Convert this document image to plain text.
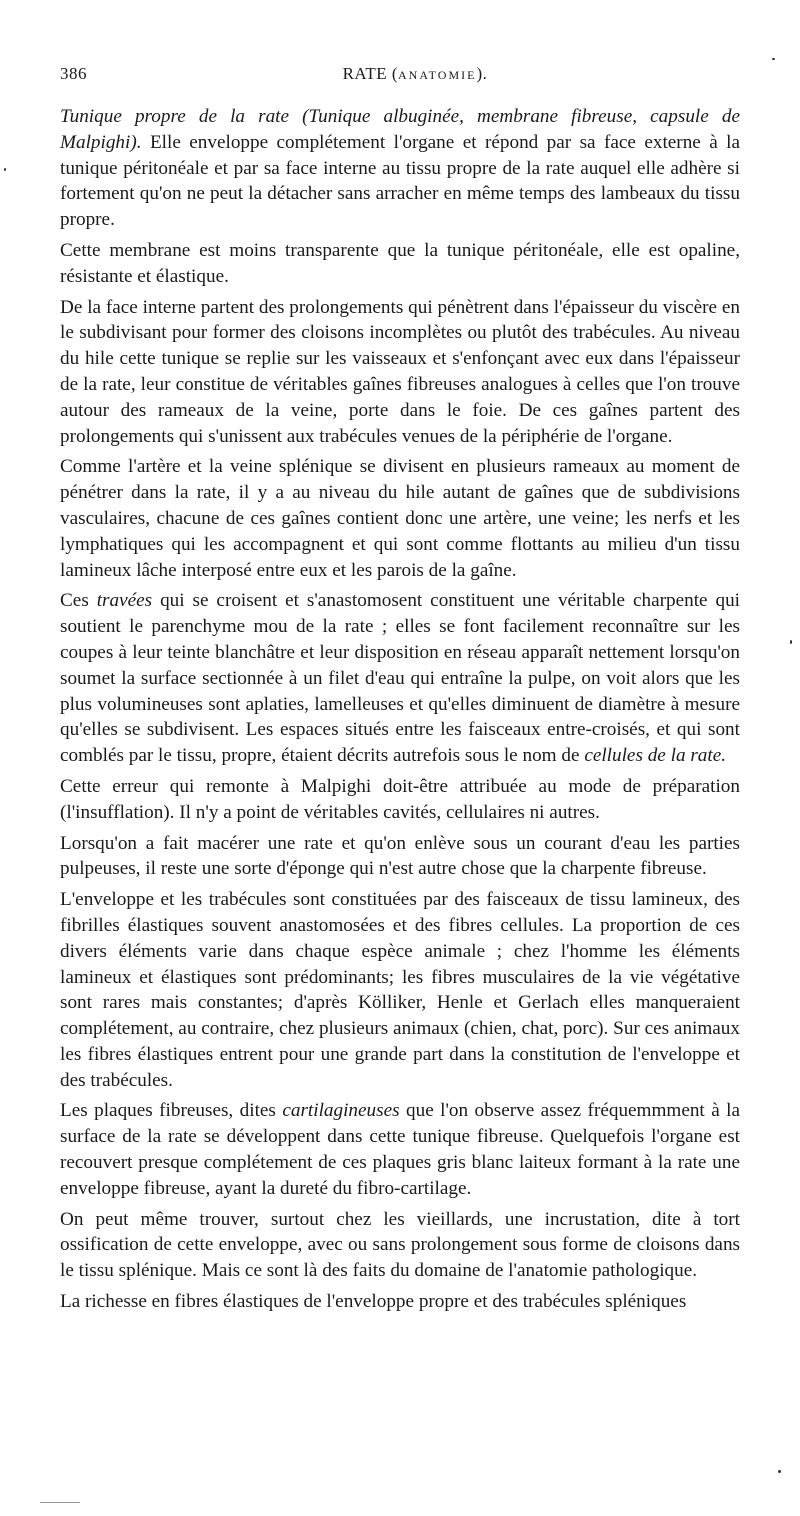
386	RATE (ANATOMIE).

Tunique propre de la rate (Tunique albuginée, membrane fibreuse, capsule de Malpighi). Elle enveloppe complétement l'organe et répond par sa face externe à la tunique péritonéale et par sa face interne au tissu propre de la rate auquel elle adhère si fortement qu'on ne peut la détacher sans arracher en même temps des lambeaux du tissu propre.

Cette membrane est moins transparente que la tunique péritonéale, elle est opaline, résistante et élastique.

De la face interne partent des prolongements qui pénètrent dans l'épaisseur du viscère en le subdivisant pour former des cloisons incomplètes ou plutôt des trabécules. Au niveau du hile cette tunique se replie sur les vaisseaux et s'enfonçant avec eux dans l'épaisseur de la rate, leur constitue de véritables gaînes fibreuses analogues à celles que l'on trouve autour des rameaux de la veine, porte dans le foie. De ces gaînes partent des prolongements qui s'unissent aux trabécules venues de la périphérie de l'organe.

Comme l'artère et la veine splénique se divisent en plusieurs rameaux au moment de pénétrer dans la rate, il y a au niveau du hile autant de gaînes que de subdivisions vasculaires, chacune de ces gaînes contient donc une artère, une veine; les nerfs et les lymphatiques qui les accompagnent et qui sont comme flottants au milieu d'un tissu lamineux lâche interposé entre eux et les parois de la gaîne.

Ces travées qui se croisent et s'anastomosent constituent une véritable charpente qui soutient le parenchyme mou de la rate ; elles se font facilement reconnaître sur les coupes à leur teinte blanchâtre et leur disposition en réseau apparaît nettement lorsqu'on soumet la surface sectionnée à un filet d'eau qui entraîne la pulpe, on voit alors que les plus volumineuses sont aplaties, lamelleuses et qu'elles diminuent de diamètre à mesure qu'elles se subdivisent. Les espaces situés entre les faisceaux entre-croisés, et qui sont comblés par le tissu, propre, étaient décrits autrefois sous le nom de cellules de la rate.

Cette erreur qui remonte à Malpighi doit-être attribuée au mode de préparation (l'insufflation). Il n'y a point de véritables cavités, cellulaires ni autres.

Lorsqu'on a fait macérer une rate et qu'on enlève sous un courant d'eau les parties pulpeuses, il reste une sorte d'éponge qui n'est autre chose que la charpente fibreuse.

L'enveloppe et les trabécules sont constituées par des faisceaux de tissu lamineux, des fibrilles élastiques souvent anastomosées et des fibres cellules. La proportion de ces divers éléments varie dans chaque espèce animale ; chez l'homme les éléments lamineux et élastiques sont prédominants; les fibres musculaires de la vie végétative sont rares mais constantes; d'après Kölliker, Henle et Gerlach elles manqueraient complétement, au contraire, chez plusieurs animaux (chien, chat, porc). Sur ces animaux les fibres élastiques entrent pour une grande part dans la constitution de l'enveloppe et des trabécules.

Les plaques fibreuses, dites cartilagineuses que l'on observe assez fréquemmment à la surface de la rate se développent dans cette tunique fibreuse. Quelquefois l'organe est recouvert presque complétement de ces plaques gris blanc laiteux formant à la rate une enveloppe fibreuse, ayant la dureté du fibro-cartilage.

On peut même trouver, surtout chez les vieillards, une incrustation, dite à tort ossification de cette enveloppe, avec ou sans prolongement sous forme de cloisons dans le tissu splénique. Mais ce sont là des faits du domaine de l'anatomie pathologique.

La richesse en fibres élastiques de l'enveloppe propre et des trabécules spléniques
